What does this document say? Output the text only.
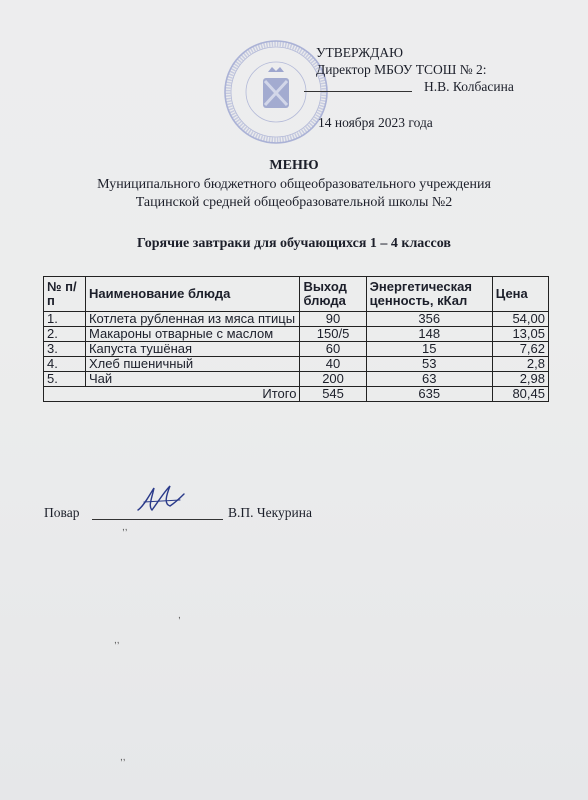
УТВЕРЖДАЮ
Директор МБОУ ТСОШ № 2:
Н.В. Колбасина
14 ноября 2023 года
МЕНЮ
Муниципального бюджетного общеобразовательного учреждения
Тацинской средней общеобразовательной школы №2
Горячие завтраки для обучающихся 1 – 4 классов
№ п/п	Наименование блюда	Выход блюда	Энергетическая ценность, кКал	Цена
1.	Котлета рубленная из мяса птицы	90	356	54,00
2.	Макароны отварные с маслом	150/5	148	13,05
3.	Капуста тушёная	60	15	7,62
4.	Хлеб пшеничный	40	53	2,8
5.	Чай	200	63	2,98
Итого		545	635	80,45
Повар	В.П. Чекурина
,,
,
,,
,,
